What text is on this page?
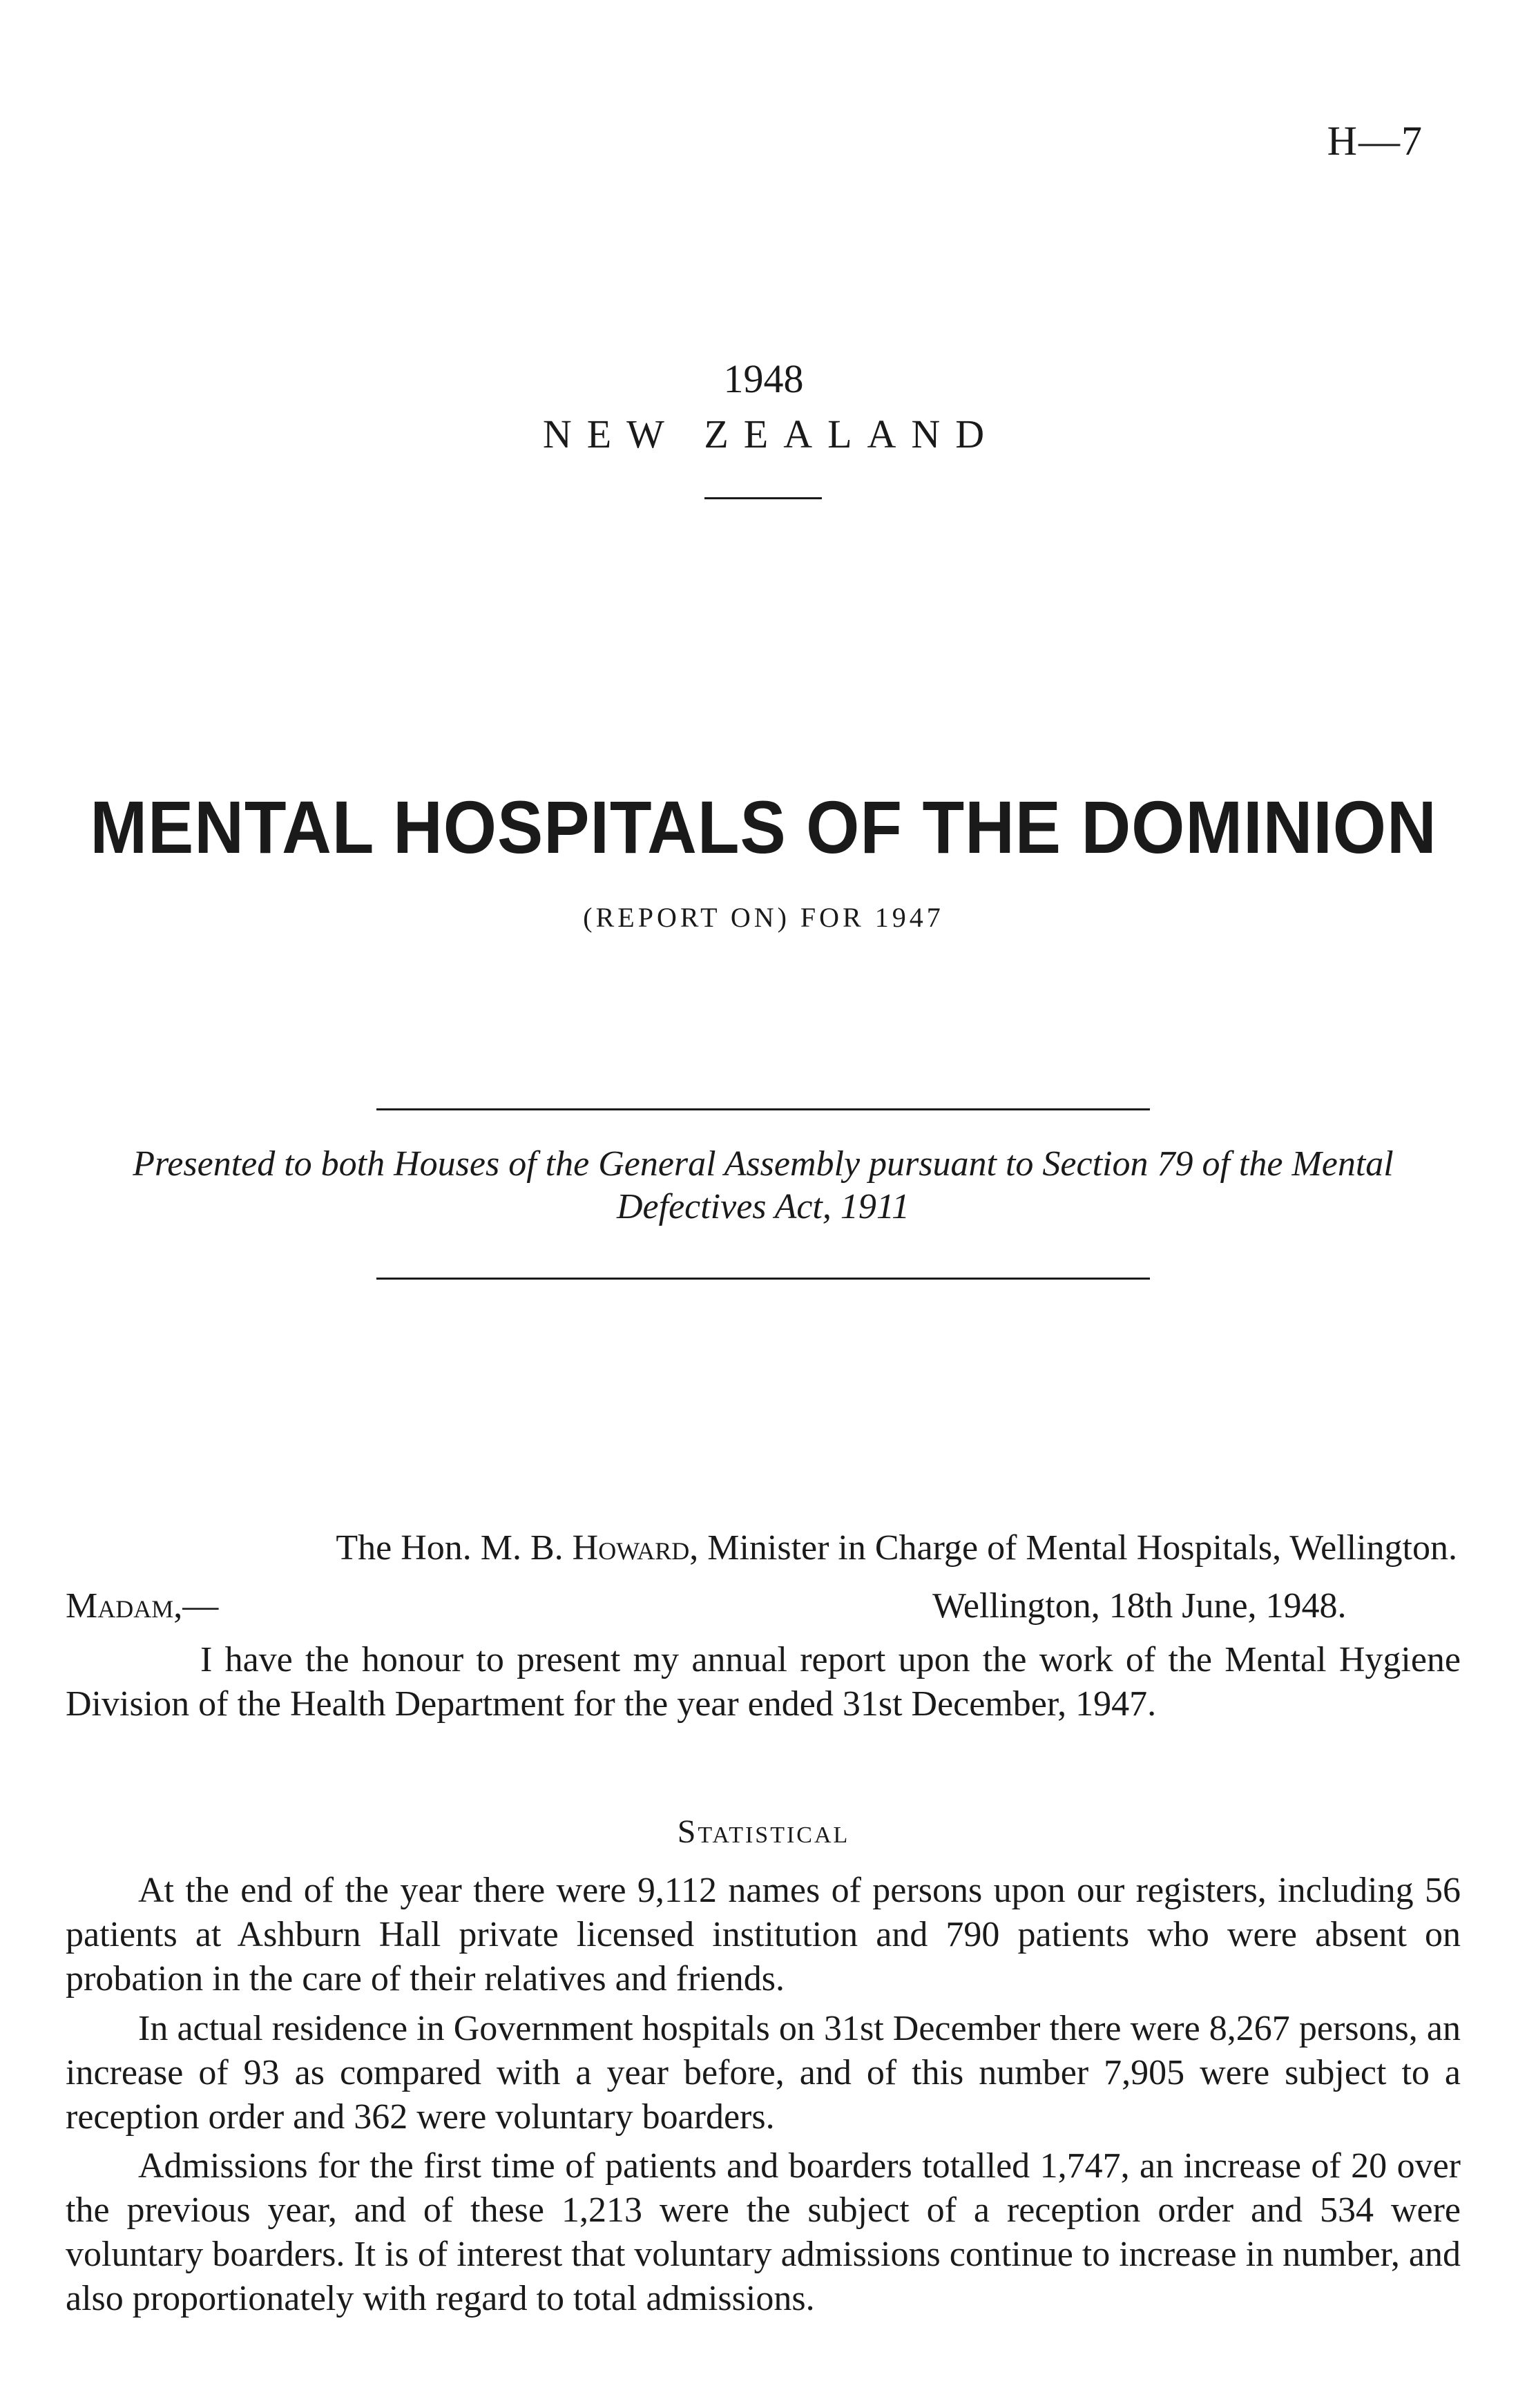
H—7
1948
NEW ZEALAND
MENTAL HOSPITALS OF THE DOMINION
(REPORT ON) FOR 1947
Presented to both Houses of the General Assembly pursuant to Section 79 of the Mental Defectives Act, 1911
The Hon. M. B. Howard, Minister in Charge of Mental Hospitals, Wellington.
Madam,—	Wellington, 18th June, 1948.
I have the honour to present my annual report upon the work of the Mental Hygiene Division of the Health Department for the year ended 31st December, 1947.
Statistical
At the end of the year there were 9,112 names of persons upon our registers, including 56 patients at Ashburn Hall private licensed institution and 790 patients who were absent on probation in the care of their relatives and friends.
In actual residence in Government hospitals on 31st December there were 8,267 persons, an increase of 93 as compared with a year before, and of this number 7,905 were subject to a reception order and 362 were voluntary boarders.
Admissions for the first time of patients and boarders totalled 1,747, an increase of 20 over the previous year, and of these 1,213 were the subject of a reception order and 534 were voluntary boarders. It is of interest that voluntary admissions continue to increase in number, and also proportionately with regard to total admissions.
